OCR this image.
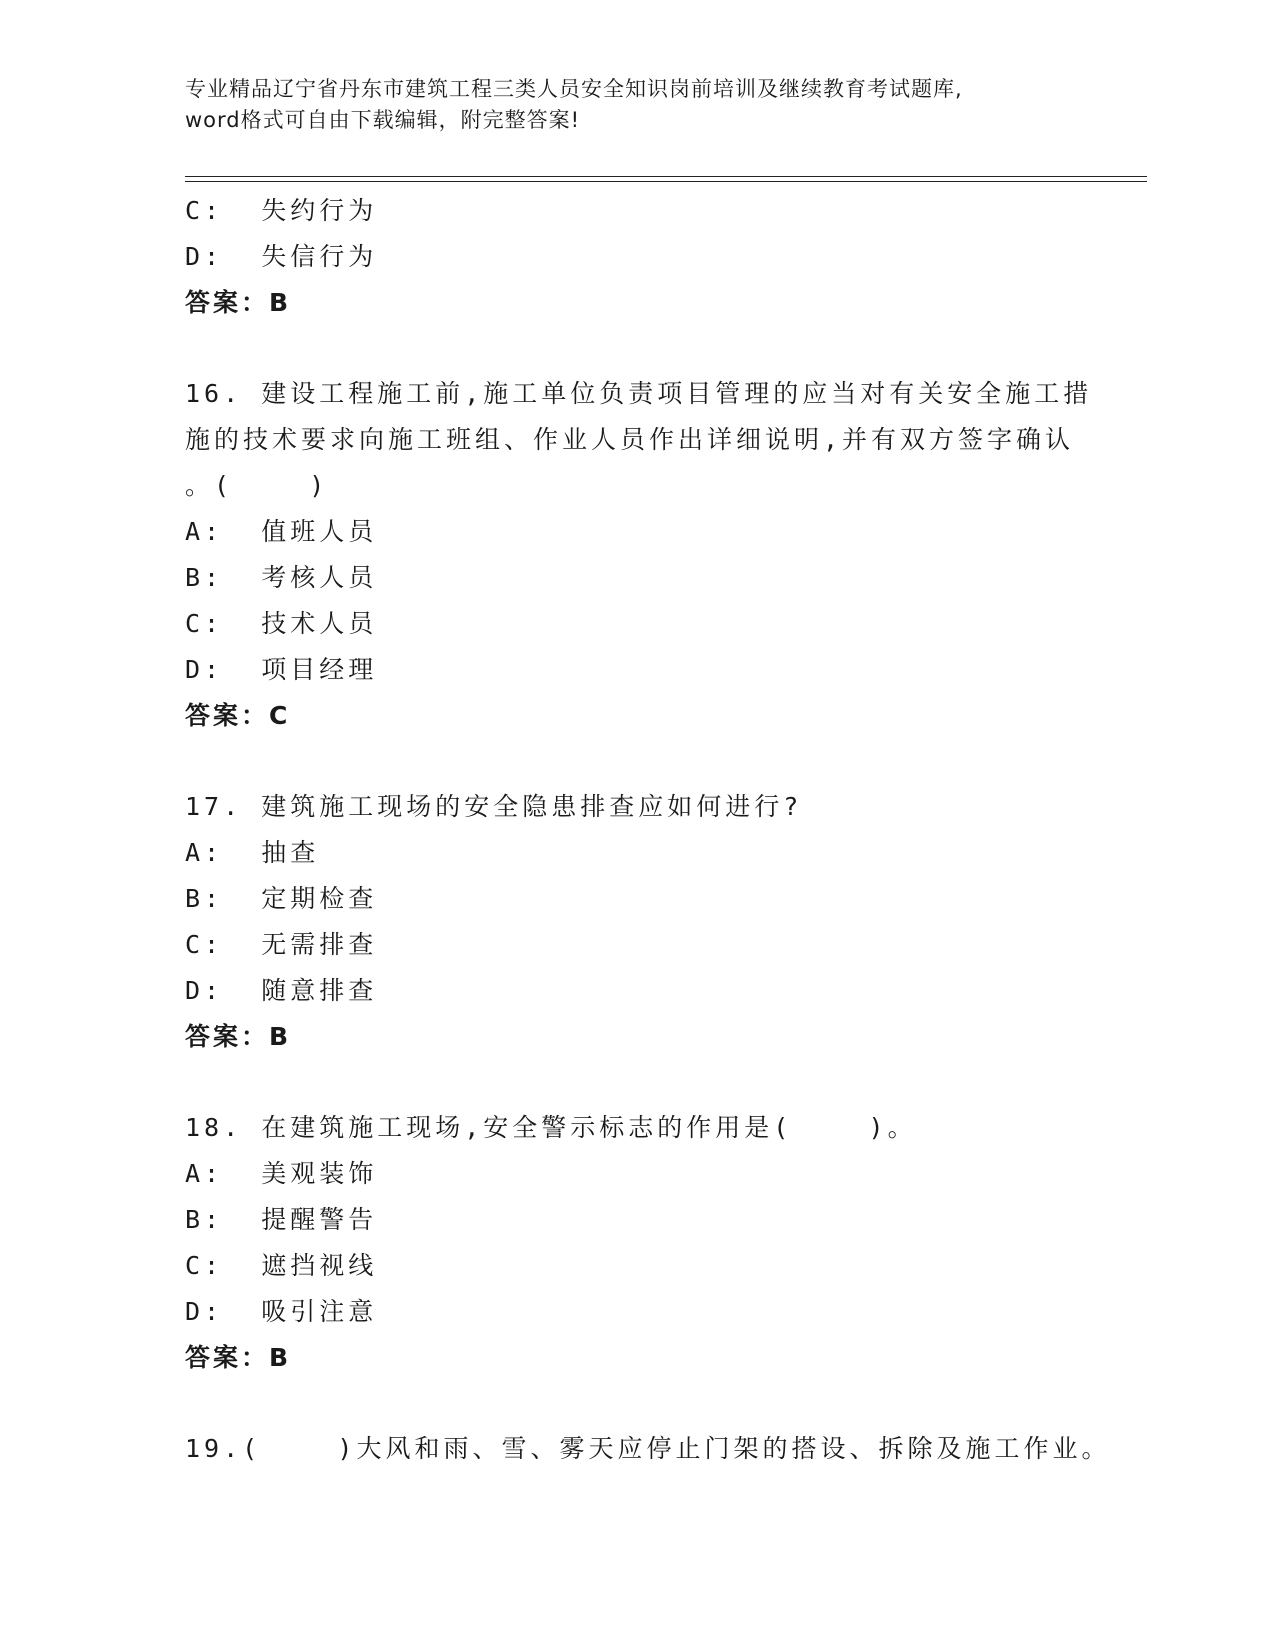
专业精品辽宁省丹东市建筑工程三类人员安全知识岗前培训及继续教育考试题库,
word格式可自由下载编辑，附完整答案!
C:  失约行为
D:  失信行为
答案：B
16. 建设工程施工前,施工单位负责项目管理的应当对有关安全施工措
施的技术要求向施工班组、作业人员作出详细说明,并有双方签字确认
。(    )
A:  值班人员
B:  考核人员
C:  技术人员
D:  项目经理
答案：C
17. 建筑施工现场的安全隐患排查应如何进行?
A:  抽查
B:  定期检查
C:  无需排查
D:  随意排查
答案：B
18. 在建筑施工现场,安全警示标志的作用是(    )。
A:  美观装饰
B:  提醒警告
C:  遮挡视线
D:  吸引注意
答案：B
19.(    )大风和雨、雪、雾天应停止门架的搭设、拆除及施工作业。
